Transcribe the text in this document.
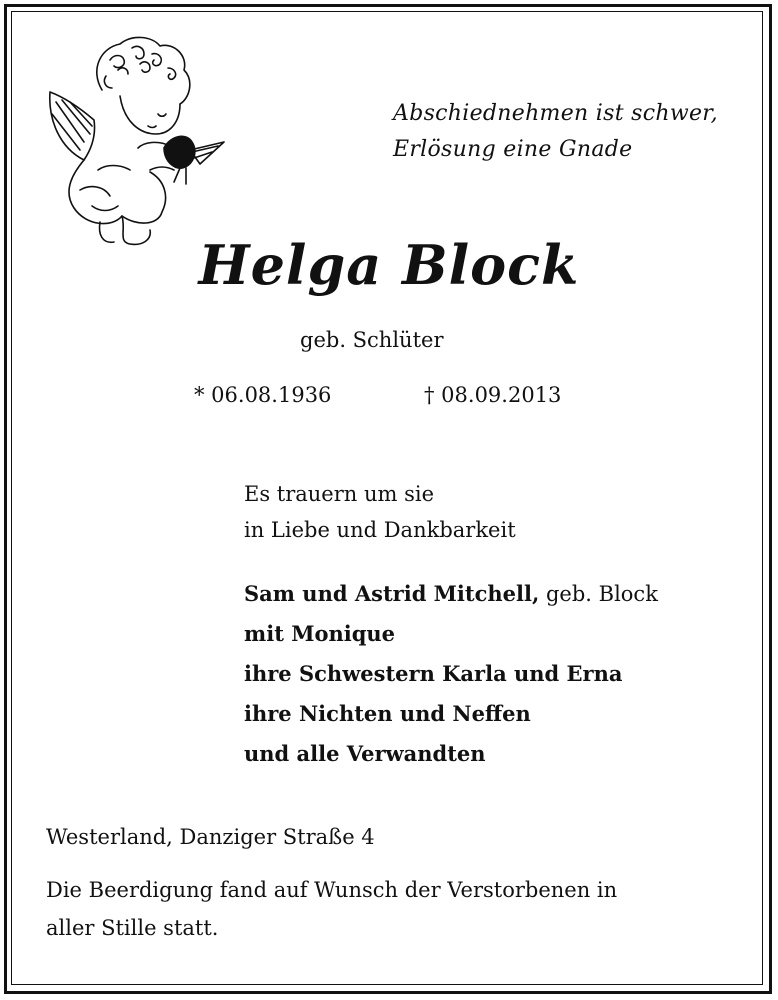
Abschiednehmen ist schwer,
Erlösung eine Gnade
Helga Block
geb. Schlüter
* 06.08.1936	† 08.09.2013
Es trauern um sie
in Liebe und Dankbarkeit
Sam und Astrid Mitchell, geb. Block
mit Monique
ihre Schwestern Karla und Erna
ihre Nichten und Neffen
und alle Verwandten
Westerland, Danziger Straße 4
Die Beerdigung fand auf Wunsch der Verstorbenen in
aller Stille statt.
